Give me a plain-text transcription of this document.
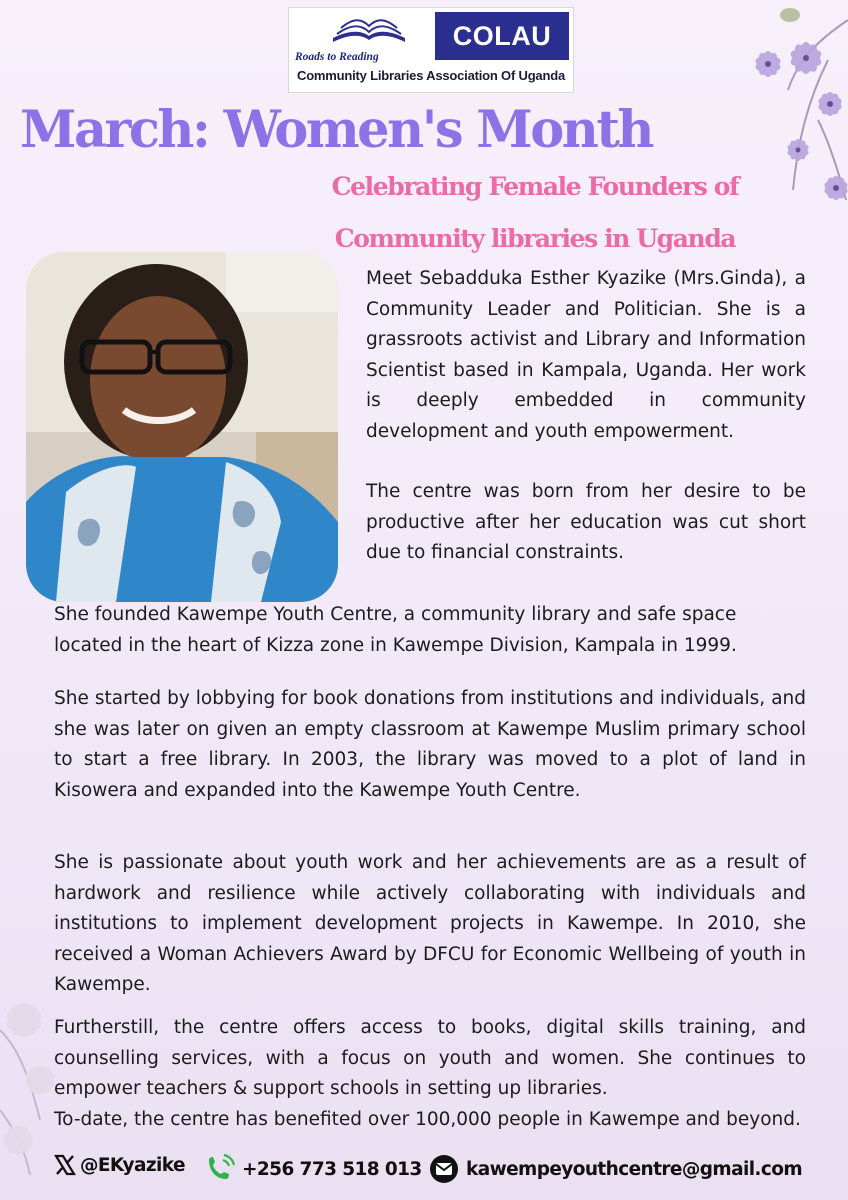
Roads to Reading
COLAU
Community Libraries Association Of Uganda
March: Women's Month
Celebrating Female Founders of
Community libraries in Uganda

Meet Sebadduka Esther Kyazike (Mrs.Ginda), a Community Leader and Politician. She is a grassroots activist and Library and Information Scientist based in Kampala, Uganda. Her work is deeply embedded in community development and youth empowerment.

The centre was born from her desire to be productive after her education was cut short due to financial constraints.

She founded Kawempe Youth Centre, a community library and safe space located in the heart of Kizza zone in Kawempe Division, Kampala in 1999.

She started by lobbying for book donations from institutions and individuals, and she was later on given an empty classroom at Kawempe Muslim primary school to start a free library. In 2003, the library was moved to a plot of land in Kisowera and expanded into the Kawempe Youth Centre.

She is passionate about youth work and her achievements are as a result of hardwork and resilience while actively collaborating with individuals and institutions to implement development projects in Kawempe. In 2010, she received a Woman Achievers Award by DFCU for Economic Wellbeing of youth in Kawempe.

Furtherstill, the centre offers access to books, digital skills training, and counselling services, with a focus on youth and women. She continues to empower teachers & support schools in setting up libraries.
To-date, the centre has benefited over 100,000 people in Kawempe and beyond.
@EKyazike	+256 773 518 013 kawempeyouthcentre@gmail.com
